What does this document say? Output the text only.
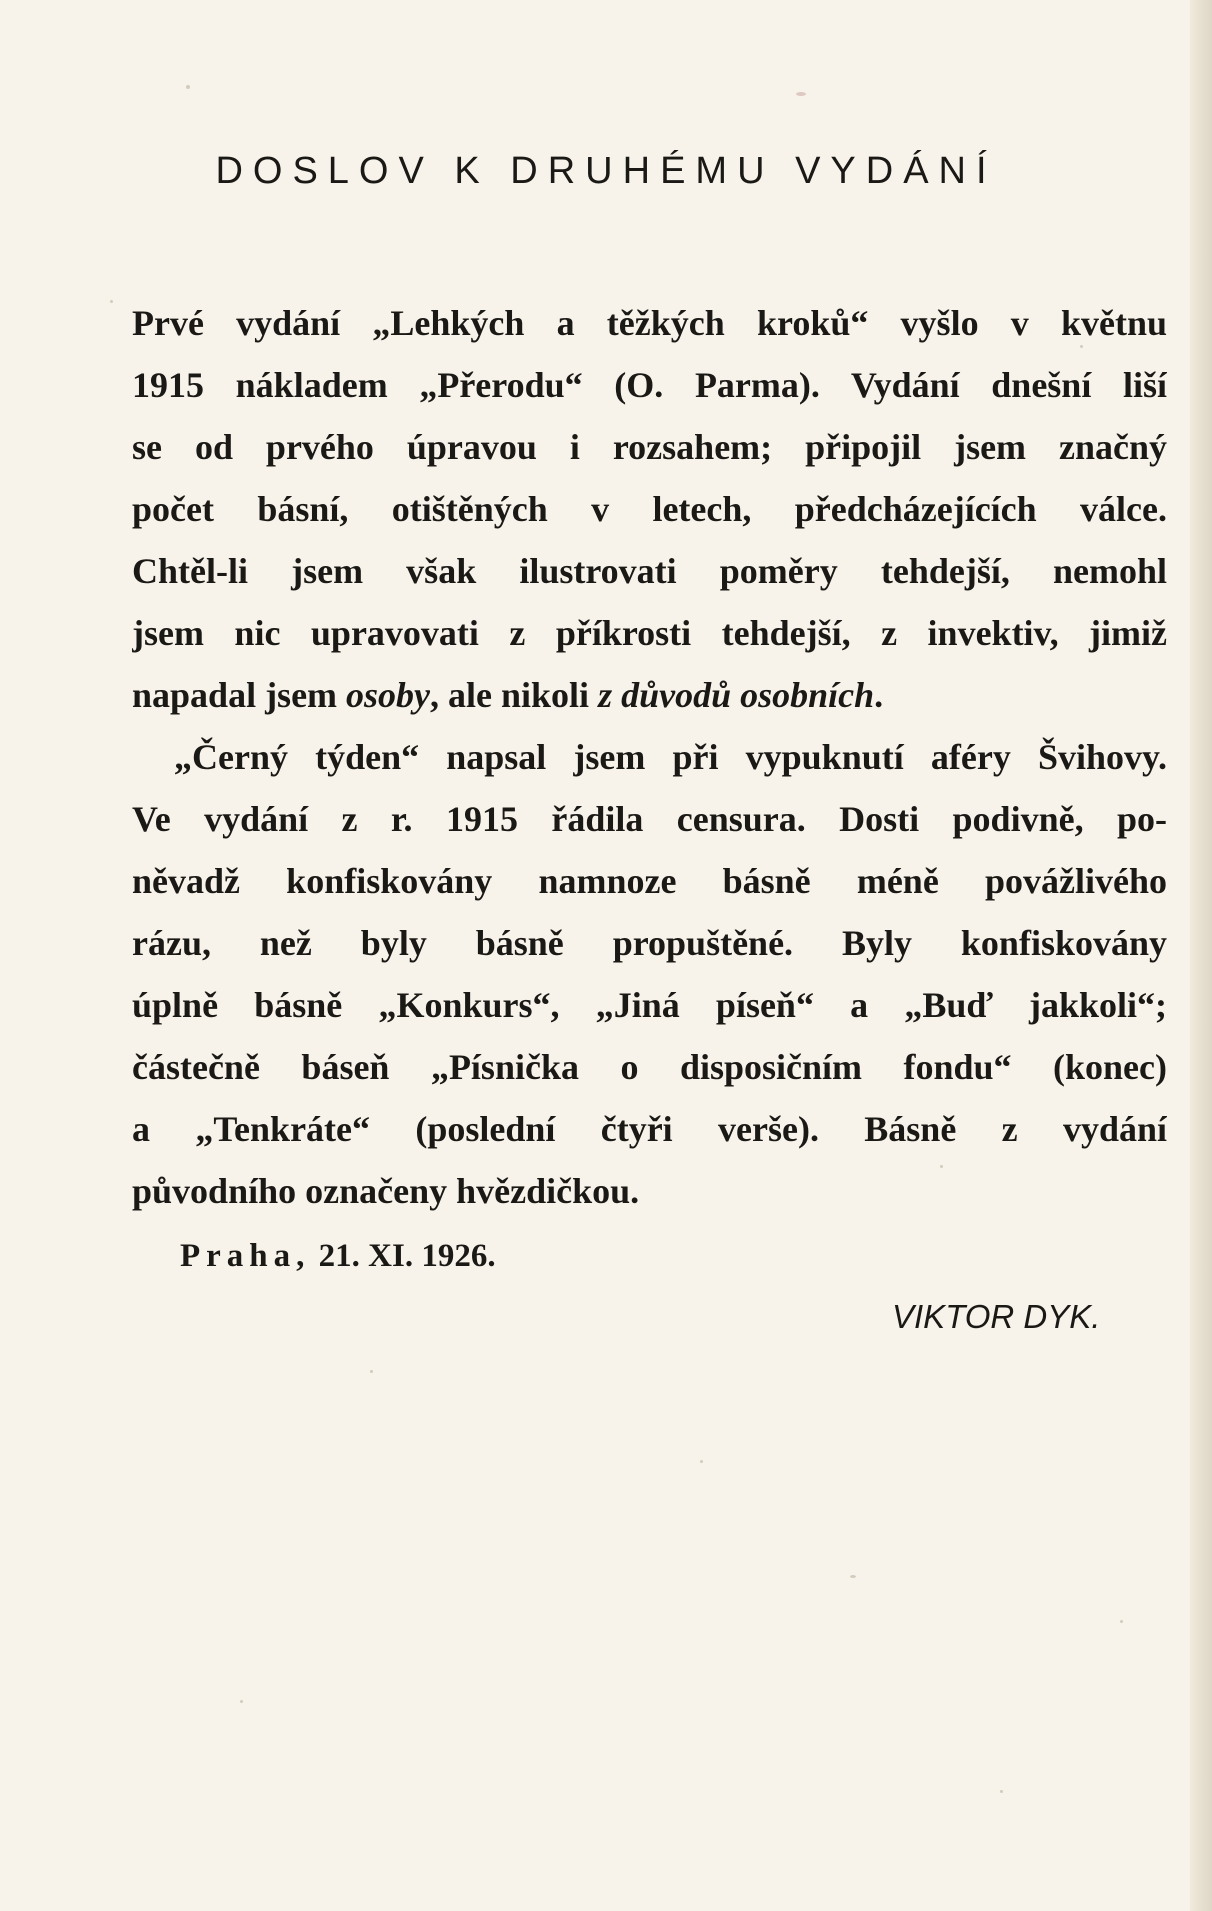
DOSLOV K DRUHÉMU VYDÁNÍ
Prvé vydání „Lehkých a těžkých kroků“ vyšlo v květnu
1915 nákladem „Přerodu“ (O. Parma). Vydání dnešní liší
se od prvého úpravou i rozsahem; připojil jsem značný
počet básní, otištěných v letech, předcházejících válce.
Chtěl-li jsem však ilustrovati poměry tehdejší, nemohl
jsem nic upravovati z příkrosti tehdejší, z invektiv, jimiž
napadal jsem osoby, ale nikoli z důvodů osobních.
„Černý týden“ napsal jsem při vypuknutí aféry Švihovy.
Ve vydání z r. 1915 řádila censura. Dosti podivně, po-
něvadž konfiskovány namnoze básně méně povážlivého
rázu, než byly básně propuštěné. Byly konfiskovány
úplně básně „Konkurs“, „Jiná píseň“ a „Buď jakkoli“;
částečně báseň „Písnička o disposičním fondu“ (konec)
a „Tenkráte“ (poslední čtyři verše). Básně z vydání
původního označeny hvězdičkou.

Praha, 21. XI. 1926.

VIKTOR DYK.
